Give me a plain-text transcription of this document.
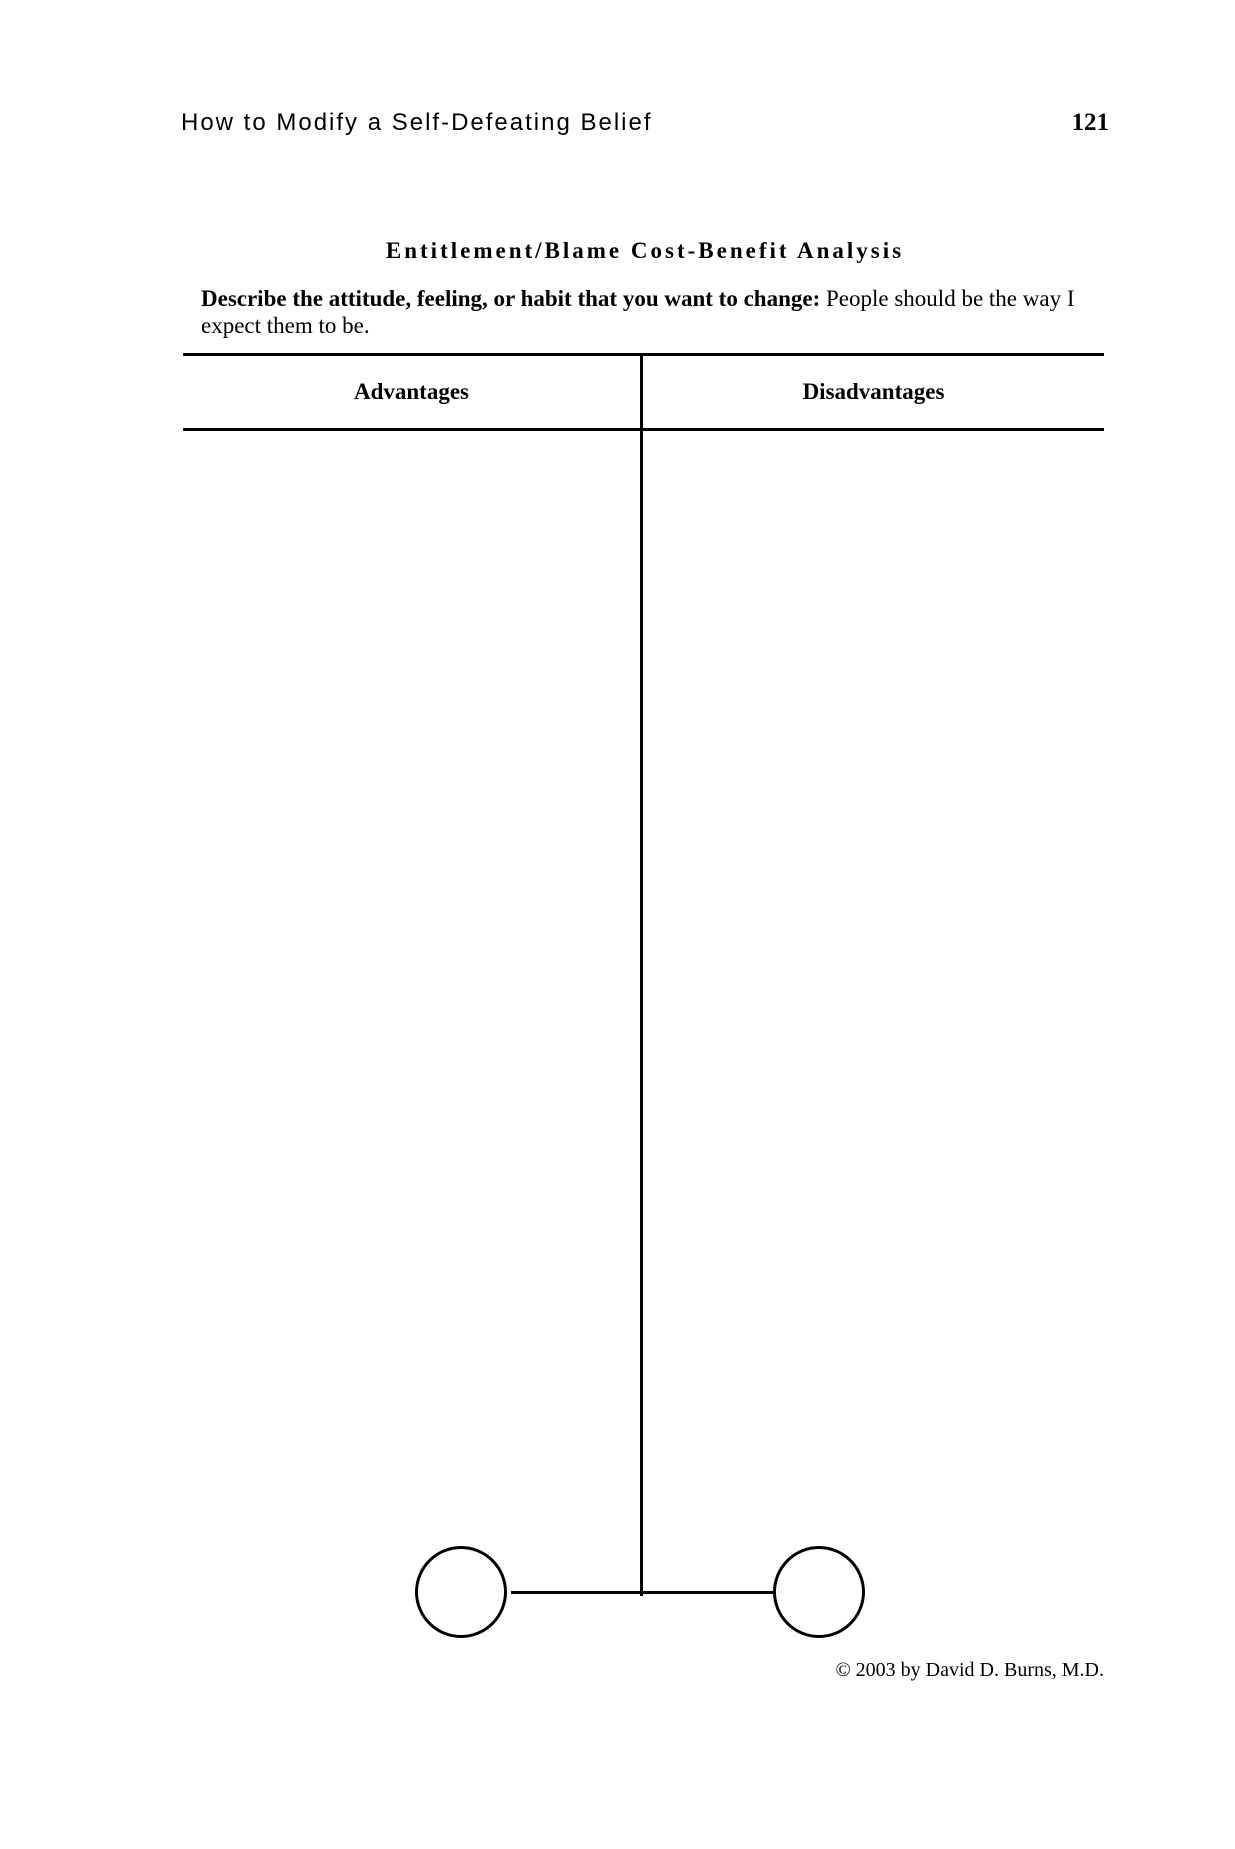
How to Modify a Self-Defeating Belief	121
Entitlement/Blame Cost-Benefit Analysis
Describe the attitude, feeling, or habit that you want to change: People should be the way I expect them to be.
Advantages	Disadvantages
© 2003 by David D. Burns, M.D.
